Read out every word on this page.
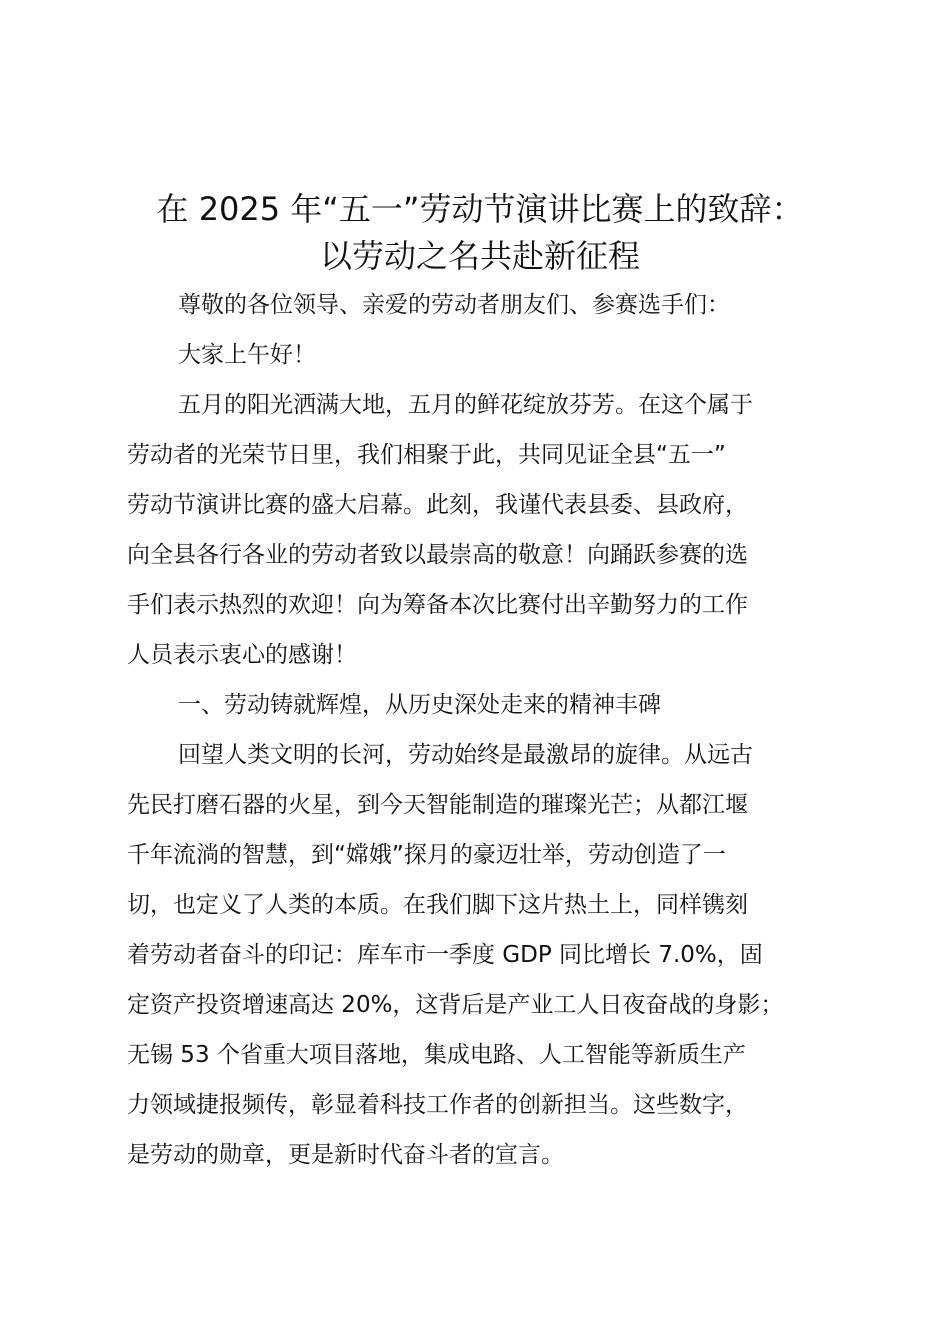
在 2025 年“五一”劳动节演讲比赛上的致辞：
以劳动之名共赴新征程

尊敬的各位领导、亲爱的劳动者朋友们、参赛选手们：

大家上午好！

五月的阳光洒满大地，五月的鲜花绽放芬芳。在这个属于

劳动者的光荣节日里，我们相聚于此，共同见证全县“五一”

劳动节演讲比赛的盛大启幕。此刻，我谨代表县委、县政府，

向全县各行各业的劳动者致以最崇高的敬意！向踊跃参赛的选

手们表示热烈的欢迎！向为筹备本次比赛付出辛勤努力的工作

人员表示衷心的感谢！

一、劳动铸就辉煌，从历史深处走来的精神丰碑

回望人类文明的长河，劳动始终是最激昂的旋律。从远古

先民打磨石器的火星，到今天智能制造的璀璨光芒；从都江堰

千年流淌的智慧，到“嫦娥”探月的豪迈壮举，劳动创造了一

切，也定义了人类的本质。在我们脚下这片热土上，同样镌刻

着劳动者奋斗的印记：库车市一季度 GDP 同比增长 7.0%，固

定资产投资增速高达 20%，这背后是产业工人日夜奋战的身影；

无锡 53 个省重大项目落地，集成电路、人工智能等新质生产

力领域捷报频传，彰显着科技工作者的创新担当。这些数字，

是劳动的勋章，更是新时代奋斗者的宣言。
